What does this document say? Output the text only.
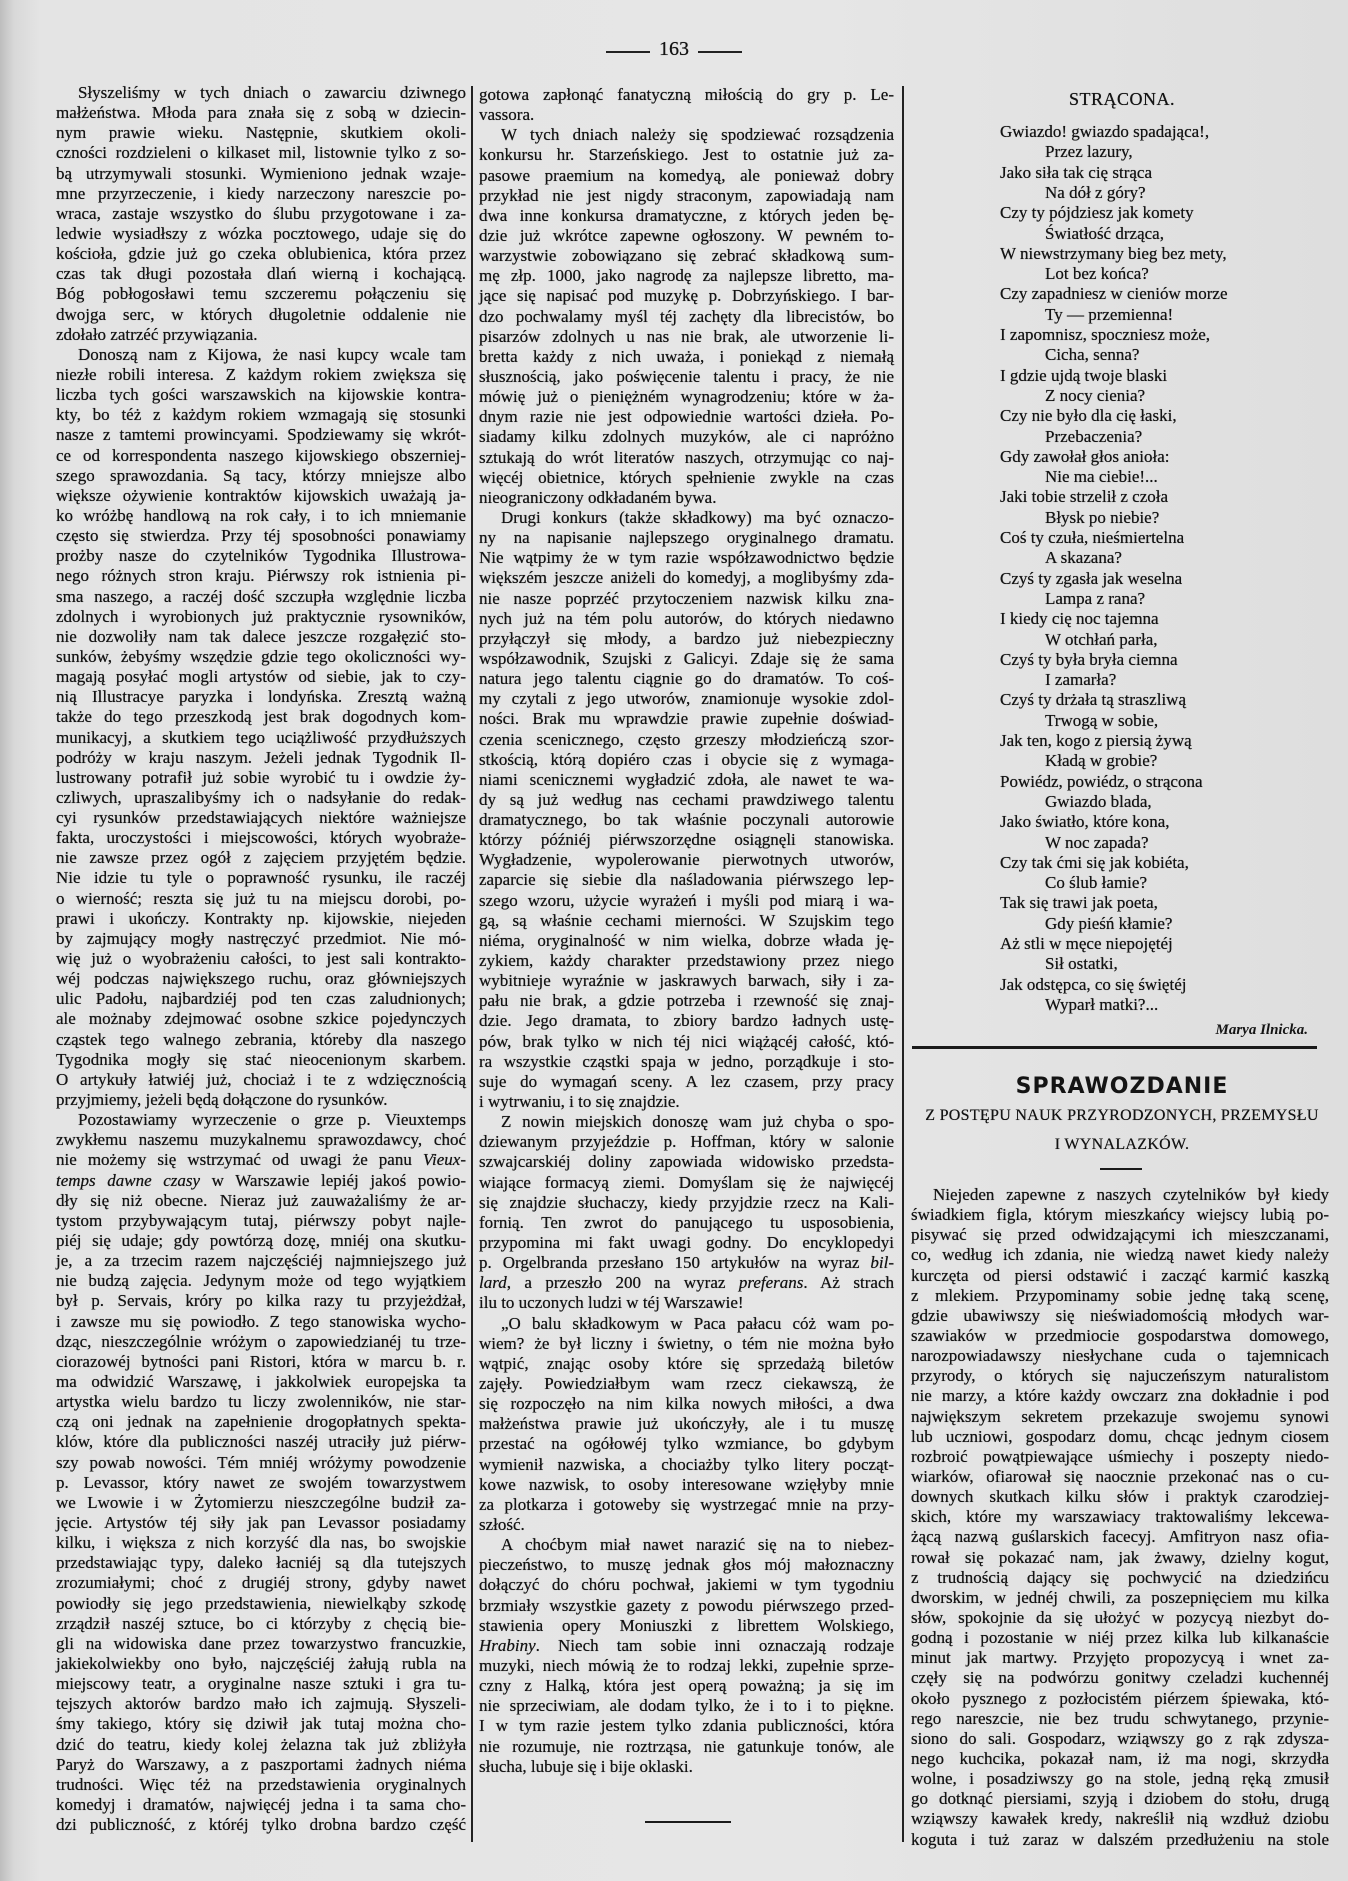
163
Słyszeliśmy w tych dniach o zawarciu dziwnego
małżeństwa. Młoda para znała się z sobą w dziecin-
nym prawie wieku. Następnie, skutkiem okoli-
czności rozdzieleni o kilkaset mil, listownie tylko z so-
bą utrzymywali stosunki. Wymieniono jednak wzaje-
mne przyrzeczenie, i kiedy narzeczony nareszcie po-
wraca, zastaje wszystko do ślubu przygotowane i za-
ledwie wysiadłszy z wózka pocztowego, udaje się do
kościoła, gdzie już go czeka oblubienica, która przez
czas tak długi pozostała dlań wierną i kochającą.
Bóg pobłogosławi temu szczeremu połączeniu się
dwojga serc, w których długoletnie oddalenie nie
zdołało zatrzéć przywiązania.
Donoszą nam z Kijowa, że nasi kupcy wcale tam
niezłe robili interesa. Z każdym rokiem zwiększa się
liczba tych gości warszawskich na kijowskie kontra-
kty, bo téż z każdym rokiem wzmagają się stosunki
nasze z tamtemi prowincyami. Spodziewamy się wkrót-
ce od korrespondenta naszego kijowskiego obszerniej-
szego sprawozdania. Są tacy, którzy mniejsze albo
większe ożywienie kontraktów kijowskich uważają ja-
ko wróżbę handlową na rok cały, i to ich mniemanie
często się stwierdza. Przy téj sposobności ponawiamy
prożby nasze do czytelników Tygodnika Illustrowa-
nego różnych stron kraju. Piérwszy rok istnienia pi-
sma naszego, a raczéj dość szczupła względnie liczba
zdolnych i wyrobionych już praktycznie rysowników,
nie dozwoliły nam tak dalece jeszcze rozgałęzić sto-
sunków, żebyśmy wszędzie gdzie tego okoliczności wy-
magają posyłać mogli artystów od siebie, jak to czy-
nią Illustracye paryzka i londyńska. Zresztą ważną
także do tego przeszkodą jest brak dogodnych kom-
munikacyj, a skutkiem tego uciążliwość przydłuższych
podróży w kraju naszym. Jeżeli jednak Tygodnik Il-
lustrowany potrafił już sobie wyrobić tu i owdzie ży-
czliwych, upraszalibyśmy ich o nadsyłanie do redak-
cyi rysunków przedstawiających niektóre ważniejsze
fakta, uroczystości i miejscowości, których wyobraże-
nie zawsze przez ogół z zajęciem przyjętém będzie.
Nie idzie tu tyle o poprawność rysunku, ile raczéj
o wierność; reszta się już tu na miejscu dorobi, po-
prawi i ukończy. Kontrakty np. kijowskie, niejeden
by zajmujący mogły nastręczyć przedmiot. Nie mó-
wię już o wyobrażeniu całości, to jest sali kontrakto-
wéj podczas największego ruchu, oraz główniejszych
ulic Padołu, najbardziéj pod ten czas zaludnionych;
ale możnaby zdejmować osobne szkice pojedynczych
cząstek tego walnego zebrania, któreby dla naszego
Tygodnika mogły się stać nieocenionym skarbem.
O artykuły łatwiéj już, chociaż i te z wdzięcznością
przyjmiemy, jeżeli będą dołączone do rysunków.
Pozostawiamy wyrzeczenie o grze p. Vieuxtemps
zwykłemu naszemu muzykalnemu sprawozdawcy, choć
nie możemy się wstrzymać od uwagi że panu Vieux-
temps dawne czasy w Warszawie lepiéj jakoś powio-
dły się niż obecne. Nieraz już zauważaliśmy że ar-
tystom przybywającym tutaj, piérwszy pobyt najle-
piéj się udaje; gdy powtórzą dozę, mniéj ona skutku-
je, a za trzecim razem najczęściéj najmniejszego już
nie budzą zajęcia. Jedynym może od tego wyjątkiem
był p. Servais, króry po kilka razy tu przyjeżdżał,
i zawsze mu się powiodło. Z tego stanowiska wycho-
dząc, nieszczególnie wróżym o zapowiedzianéj tu trze-
ciorazowéj bytności pani Ristori, która w marcu b. r.
ma odwidzić Warszawę, i jakkolwiek europejska ta
artystka wielu bardzo tu liczy zwolenników, nie star-
czą oni jednak na zapełnienie drogopłatnych spekta-
klów, które dla publiczności naszéj utraciły już piérw-
szy powab nowości. Tém mniéj wróżymy powodzenie
p. Levassor, który nawet ze swojém towarzystwem
we Lwowie i w Żytomierzu nieszczególne budził za-
jęcie. Artystów téj siły jak pan Levassor posiadamy
kilku, i większa z nich korzyść dla nas, bo swojskie
przedstawiając typy, daleko łacniéj są dla tutejszych
zrozumiałymi; choć z drugiéj strony, gdyby nawet
powiodły się jego przedstawienia, niewielkąby szkodę
zrządził naszéj sztuce, bo ci którzyby z chęcią bie-
gli na widowiska dane przez towarzystwo francuzkie,
jakiekolwiekby ono było, najczęściéj żałują rubla na
miejscowy teatr, a oryginalne nasze sztuki i gra tu-
tejszych aktorów bardzo mało ich zajmują. Słyszeli-
śmy takiego, który się dziwił jak tutaj można cho-
dzić do teatru, kiedy kolej żelazna tak już zbliżyła
Paryż do Warszawy, a z paszportami żadnych niéma
trudności. Więc téż na przedstawienia oryginalnych
komedyj i dramatów, najwięcéj jedna i ta sama cho-
dzi publiczność, z któréj tylko drobna bardzo część
gotowa zapłonąć fanatyczną miłością do gry p. Le-
vassora.
W tych dniach należy się spodziewać rozsądzenia
konkursu hr. Starzeńskiego. Jest to ostatnie już za-
pasowe praemium na komedyą, ale ponieważ dobry
przykład nie jest nigdy straconym, zapowiadają nam
dwa inne konkursa dramatyczne, z których jeden bę-
dzie już wkrótce zapewne ogłoszony. W pewném to-
warzystwie zobowiązano się zebrać składkową sum-
mę złp. 1000, jako nagrodę za najlepsze libretto, ma-
jące się napisać pod muzykę p. Dobrzyńskiego. I bar-
dzo pochwalamy myśl téj zachęty dla librecistów, bo
pisarzów zdolnych u nas nie brak, ale utworzenie li-
bretta każdy z nich uważa, i poniekąd z niemałą
słusznością, jako poświęcenie talentu i pracy, że nie
mówię już o pieniężném wynagrodzeniu; które w ża-
dnym razie nie jest odpowiednie wartości dzieła. Po-
siadamy kilku zdolnych muzyków, ale ci napróżno
sztukają do wrót literatów naszych, otrzymując co naj-
więcéj obietnice, których spełnienie zwykle na czas
nieograniczony odkładaném bywa.
Drugi konkurs (także składkowy) ma być oznaczo-
ny na napisanie najlepszego oryginalnego dramatu.
Nie wątpimy że w tym razie współzawodnictwo będzie
większém jeszcze aniżeli do komedyj, a moglibyśmy zda-
nie nasze poprzéć przytoczeniem nazwisk kilku zna-
nych już na tém polu autorów, do których niedawno
przyłączył się młody, a bardzo już niebezpieczny
współzawodnik, Szujski z Galicyi. Zdaje się że sama
natura jego talentu ciągnie go do dramatów. To coś-
my czytali z jego utworów, znamionuje wysokie zdol-
ności. Brak mu wprawdzie prawie zupełnie doświad-
czenia scenicznego, często grzeszy młodzieńczą szor-
stkością, którą dopiéro czas i obycie się z wymaga-
niami scenicznemi wygładzić zdoła, ale nawet te wa-
dy są już według nas cechami prawdziwego talentu
dramatycznego, bo tak właśnie poczynali autorowie
którzy późniéj piérwszorzędne osiągnęli stanowiska.
Wygładzenie, wypolerowanie pierwotnych utworów,
zaparcie się siebie dla naśladowania piérwszego lep-
szego wzoru, użycie wyrażeń i myśli pod miarą i wa-
gą, są właśnie cechami mierności. W Szujskim tego
niéma, oryginalność w nim wielka, dobrze włada ję-
zykiem, każdy charakter przedstawiony przez niego
wybitnieje wyraźnie w jaskrawych barwach, siły i za-
pału nie brak, a gdzie potrzeba i rzewność się znaj-
dzie. Jego dramata, to zbiory bardzo ładnych ustę-
pów, brak tylko w nich téj nici wiążącéj całość, któ-
ra wszystkie cząstki spaja w jedno, porządkuje i sto-
suje do wymagań sceny. A lez czasem, przy pracy
i wytrwaniu, i to się znajdzie.
Z nowin miejskich donoszę wam już chyba o spo-
dziewanym przyjeździe p. Hoffman, który w salonie
szwajcarskiéj doliny zapowiada widowisko przedsta-
wiające formacyą ziemi. Domyślam się że najwięcéj
się znajdzie słuchaczy, kiedy przyjdzie rzecz na Kali-
fornią. Ten zwrot do panującego tu usposobienia,
przypomina mi fakt uwagi godny. Do encyklopedyi
p. Orgelbranda przesłano 150 artykułów na wyraz bil-
lard, a przeszło 200 na wyraz preferans. Aż strach
ilu to uczonych ludzi w téj Warszawie!
„O balu składkowym w Paca pałacu cóż wam po-
wiem? że był liczny i świetny, o tém nie można było
wątpić, znając osoby które się sprzedażą biletów
zajęły. Powiedziałbym wam rzecz ciekawszą, że
się rozpoczęło na nim kilka nowych miłości, a dwa
małżeństwa prawie już ukończyły, ale i tu muszę
przestać na ogółowéj tylko wzmiance, bo gdybym
wymienił nazwiska, a chociażby tylko litery począt-
kowe nazwisk, to osoby interesowane wzięłyby mnie
za plotkarza i gotoweby się wystrzegać mnie na przy-
szłość.
A choćbym miał nawet narazić się na to niebez-
pieczeństwo, to muszę jednak głos mój małoznaczny
dołączyć do chóru pochwał, jakiemi w tym tygodniu
brzmiały wszystkie gazety z powodu piérwszego przed-
stawienia opery Moniuszki z librettem Wolskiego,
Hrabiny. Niech tam sobie inni oznaczają rodzaje
muzyki, niech mówią że to rodzaj lekki, zupełnie sprze-
czny z Halką, która jest operą poważną; ja się im
nie sprzeciwiam, ale dodam tylko, że i to i to piękne.
I w tym razie jestem tylko zdania publiczności, która
nie rozumuje, nie roztrząsa, nie gatunkuje tonów, ale
słucha, lubuje się i bije oklaski.
STRĄCONA.
Gwiazdo! gwiazdo spadająca!,
Przez lazury,
Jako siła tak cię strąca
Na dół z góry?
Czy ty pójdziesz jak komety
Światłość drząca,
W niewstrzymany bieg bez mety,
Lot bez końca?
Czy zapadniesz w cieniów morze
Ty — przemienna!
I zapomnisz, spoczniesz może,
Cicha, senna?
I gdzie ujdą twoje blaski
Z nocy cienia?
Czy nie było dla cię łaski,
Przebaczenia?
Gdy zawołał głos anioła:
Nie ma ciebie!...
Jaki tobie strzelił z czoła
Błysk po niebie?
Coś ty czuła, nieśmiertelna
A skazana?
Czyś ty zgasła jak weselna
Lampa z rana?
I kiedy cię noc tajemna
W otchłań parła,
Czyś ty była bryła ciemna
I zamarła?
Czyś ty drżała tą straszliwą
Trwogą w sobie,
Jak ten, kogo z piersią żywą
Kładą w grobie?
Powiédz, powiédz, o strącona
Gwiazdo blada,
Jako światło, które kona,
W noc zapada?
Czy tak ćmi się jak kobiéta,
Co ślub łamie?
Tak się trawi jak poeta,
Gdy pieśń kłamie?
Aż stli w męce niepojętéj
Sił ostatki,
Jak odstępca, co się świętéj
Wyparł matki?...
Marya Ilnicka.
SPRAWOZDANIE
Z POSTĘPU NAUK PRZYRODZONYCH, PRZEMYSŁU
I WYNALAZKÓW.
Niejeden zapewne z naszych czytelników był kiedy
świadkiem figla, którym mieszkańcy wiejscy lubią po-
pisywać się przed odwidzającymi ich mieszczanami,
co, według ich zdania, nie wiedzą nawet kiedy należy
kurczęta od piersi odstawić i zacząć karmić kaszką
z mlekiem. Przypominamy sobie jednę taką scenę,
gdzie ubawiwszy się nieświadomością młodych war-
szawiaków w przedmiocie gospodarstwa domowego,
narozpowiadawszy niesłychane cuda o tajemnicach
przyrody, o których się najuczeńszym naturalistom
nie marzy, a które każdy owczarz zna dokładnie i pod
największym sekretem przekazuje swojemu synowi
lub uczniowi, gospodarz domu, chcąc jednym ciosem
rozbroić powątpiewające uśmiechy i poszepty niedo-
wiarków, ofiarował się naocznie przekonać nas o cu-
downych skutkach kilku słów i praktyk czarodziej-
skich, które my warszawiacy traktowaliśmy lekcewa-
żącą nazwą guślarskich facecyj. Amfitryon nasz ofia-
rował się pokazać nam, jak żwawy, dzielny kogut,
z trudnością dający się pochwycić na dziedzińcu
dworskim, w jednéj chwili, za poszepnięciem mu kilka
słów, spokojnie da się ułożyć w pozycyą niezbyt do-
godną i pozostanie w niéj przez kilka lub kilkanaście
minut jak martwy. Przyjęto propozycyą i wnet za-
częły się na podwórzu gonitwy czeladzi kuchennéj
około pysznego z pozłocistém piérzem śpiewaka, któ-
rego nareszcie, nie bez trudu schwytanego, przynie-
siono do sali. Gospodarz, wziąwszy go z rąk zdysza-
nego kuchcika, pokazał nam, iż ma nogi, skrzydła
wolne, i posadziwszy go na stole, jedną ręką zmusił
go dotknąć piersiami, szyją i dziobem do stołu, drugą
wziąwszy kawałek kredy, nakreślił nią wzdłuż dziobu
koguta i tuż zaraz w dalszém przedłużeniu na stole
